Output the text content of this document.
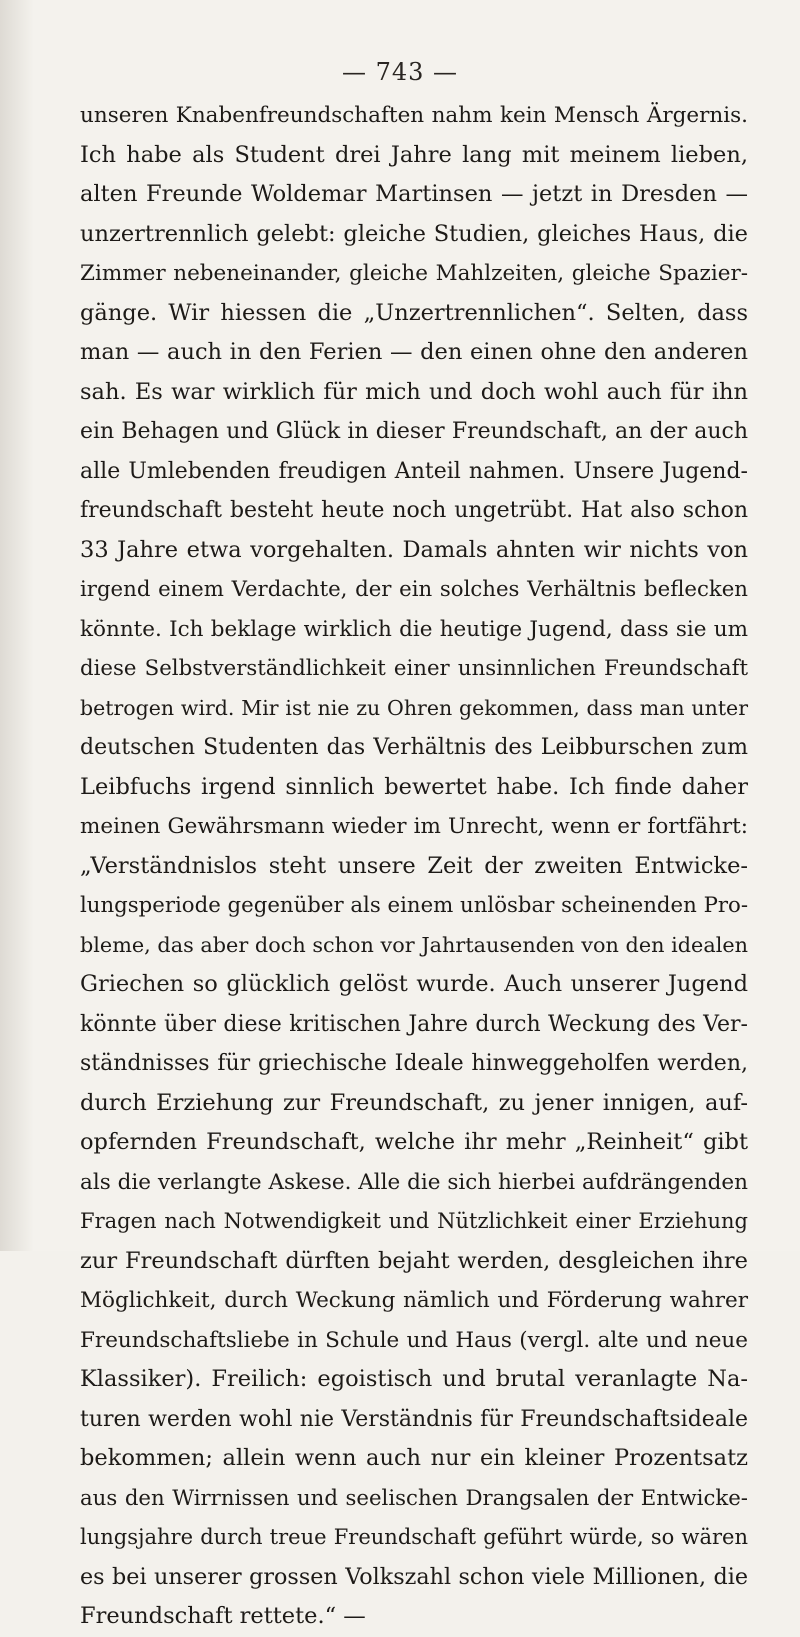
— 743 —
unseren Knabenfreundschaften nahm kein Mensch Ärgernis.
Ich habe als Student drei Jahre lang mit meinem lieben,
alten Freunde Woldemar Martinsen — jetzt in Dresden —
unzertrennlich gelebt: gleiche Studien, gleiches Haus, die
Zimmer nebeneinander, gleiche Mahlzeiten, gleiche Spazier-
gänge. Wir hiessen die „Unzertrennlichen“. Selten, dass
man — auch in den Ferien — den einen ohne den anderen
sah. Es war wirklich für mich und doch wohl auch für ihn
ein Behagen und Glück in dieser Freundschaft, an der auch
alle Umlebenden freudigen Anteil nahmen. Unsere Jugend-
freundschaft besteht heute noch ungetrübt. Hat also schon
33 Jahre etwa vorgehalten. Damals ahnten wir nichts von
irgend einem Verdachte, der ein solches Verhältnis beflecken
könnte. Ich beklage wirklich die heutige Jugend, dass sie um
diese Selbstverständlichkeit einer unsinnlichen Freundschaft
betrogen wird. Mir ist nie zu Ohren gekommen, dass man unter
deutschen Studenten das Verhältnis des Leibburschen zum
Leibfuchs irgend sinnlich bewertet habe. Ich finde daher
meinen Gewährsmann wieder im Unrecht, wenn er fortfährt:
„Verständnislos steht unsere Zeit der zweiten Entwicke-
lungsperiode gegenüber als einem unlösbar scheinenden Pro-
bleme, das aber doch schon vor Jahrtausenden von den idealen
Griechen so glücklich gelöst wurde. Auch unserer Jugend
könnte über diese kritischen Jahre durch Weckung des Ver-
ständnisses für griechische Ideale hinweggeholfen werden,
durch Erziehung zur Freundschaft, zu jener innigen, auf-
opfernden Freundschaft, welche ihr mehr „Reinheit“ gibt
als die verlangte Askese. Alle die sich hierbei aufdrängenden
Fragen nach Notwendigkeit und Nützlichkeit einer Erziehung
zur Freundschaft dürften bejaht werden, desgleichen ihre
Möglichkeit, durch Weckung nämlich und Förderung wahrer
Freundschaftsliebe in Schule und Haus (vergl. alte und neue
Klassiker). Freilich: egoistisch und brutal veranlagte Na-
turen werden wohl nie Verständnis für Freundschaftsideale
bekommen; allein wenn auch nur ein kleiner Prozentsatz
aus den Wirrnissen und seelischen Drangsalen der Entwicke-
lungsjahre durch treue Freundschaft geführt würde, so wären
es bei unserer grossen Volkszahl schon viele Millionen, die
Freundschaft rettete.“ —
